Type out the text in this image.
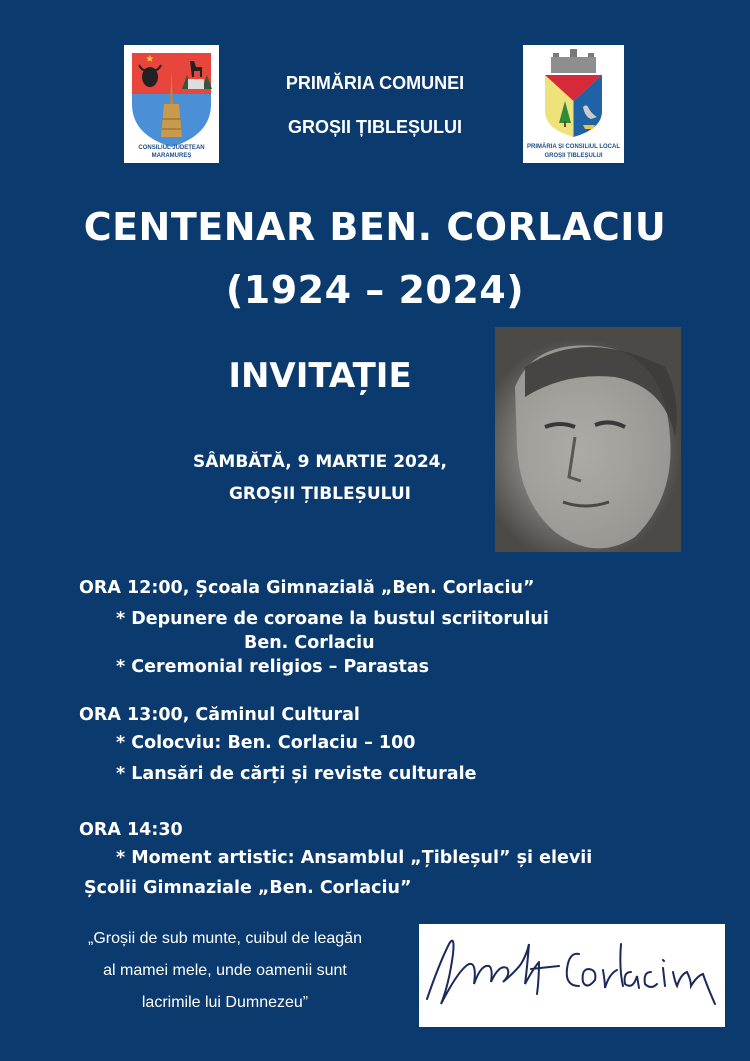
CONSILIUL JUDEȚEAN MARAMUREȘ
PRIMĂRIA COMUNEI
GROȘII ȚIBLEȘULUI
PRIMĂRIA ȘI CONSILIUL LOCAL
GROȘII ȚIBLEȘULUI
CENTENAR BEN. CORLACIU
(1924 – 2024)
INVITAȚIE
SÂMBĂTĂ, 9 MARTIE 2024,
GROȘII ȚIBLEȘULUI
ORA 12:00, Școala Gimnazială „Ben. Corlaciu”
* Depunere de coroane la bustul scriitorului
Ben. Corlaciu
* Ceremonial religios – Parastas
ORA 13:00, Căminul Cultural
* Colocviu: Ben. Corlaciu – 100
* Lansări de cărți și reviste culturale
ORA 14:30
* Moment artistic: Ansamblul „Țibleșul” și elevii
Școlii Gimnaziale „Ben. Corlaciu”
„Groșii de sub munte, cuibul de leagăn
al mamei mele, unde oamenii sunt
lacrimile lui Dumnezeu”
